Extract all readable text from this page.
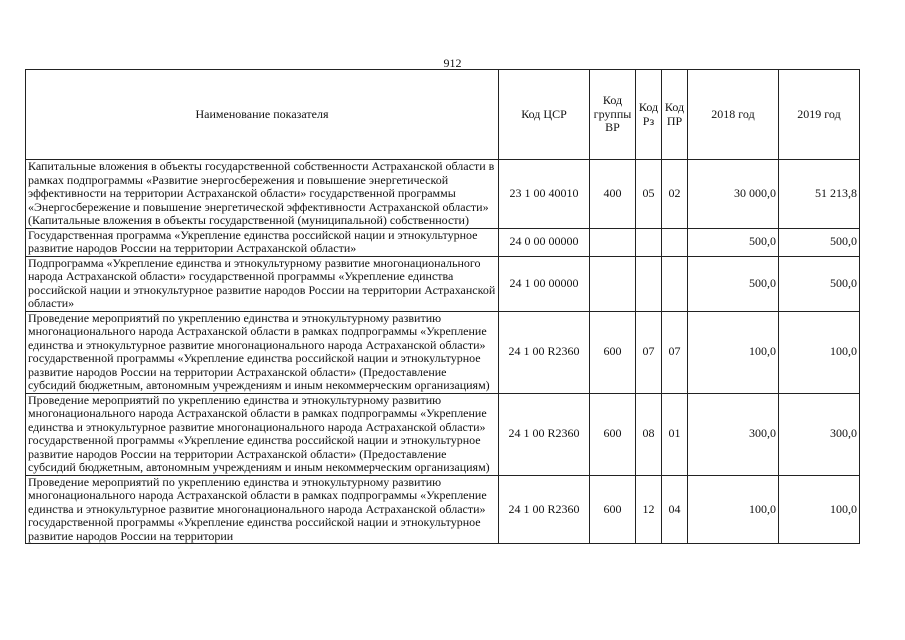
912
Наименование показателя	Код ЦСР	Код группы ВР	Код Рз	Код ПР	2018 год	2019 год
Капитальные вложения в объекты государственной собственности Астраханской области в рамках подпрограммы «Развитие энергосбережения и повышение энергетической эффективности на территории Астраханской области» государственной программы «Энергосбережение и повышение энергетической эффективности Астраханской области» (Капитальные вложения в объекты государственной (муниципальной) собственности)	23 1 00 40010	400	05	02	30 000,0	51 213,8
Государственная программа «Укрепление единства российской нации и этнокультурное развитие народов России на территории Астраханской области»	24 0 00 00000				500,0	500,0
Подпрограмма «Укрепление единства и этнокультурному развитие многонационального народа Астраханской области» государственной программы «Укрепление единства российской нации и этнокультурное развитие народов России на территории Астраханской области»	24 1 00 00000				500,0	500,0
Проведение мероприятий по укреплению единства и этнокультурному развитию многонационального народа Астраханской области в рамках подпрограммы «Укрепление единства и этнокультурное развитие многонационального народа Астраханской области» государственной программы «Укрепление единства российской нации и этнокультурное развитие народов России на территории Астраханской области» (Предоставление субсидий бюджетным, автономным учреждениям и иным некоммерческим организациям)	24 1 00 R2360	600	07	07	100,0	100,0
Проведение мероприятий по укреплению единства и этнокультурному развитию многонационального народа Астраханской области в рамках подпрограммы «Укрепление единства и этнокультурное развитие многонационального народа Астраханской области» государственной программы «Укрепление единства российской нации и этнокультурное развитие народов России на территории Астраханской области» (Предоставление субсидий бюджетным, автономным учреждениям и иным некоммерческим организациям)	24 1 00 R2360	600	08	01	300,0	300,0
Проведение мероприятий по укреплению единства и этнокультурному развитию многонационального народа Астраханской области в рамках подпрограммы «Укрепление единства и этнокультурное развитие многонационального народа Астраханской области» государственной программы «Укрепление единства российской нации и этнокультурное развитие народов России на территории	24 1 00 R2360	600	12	04	100,0	100,0
